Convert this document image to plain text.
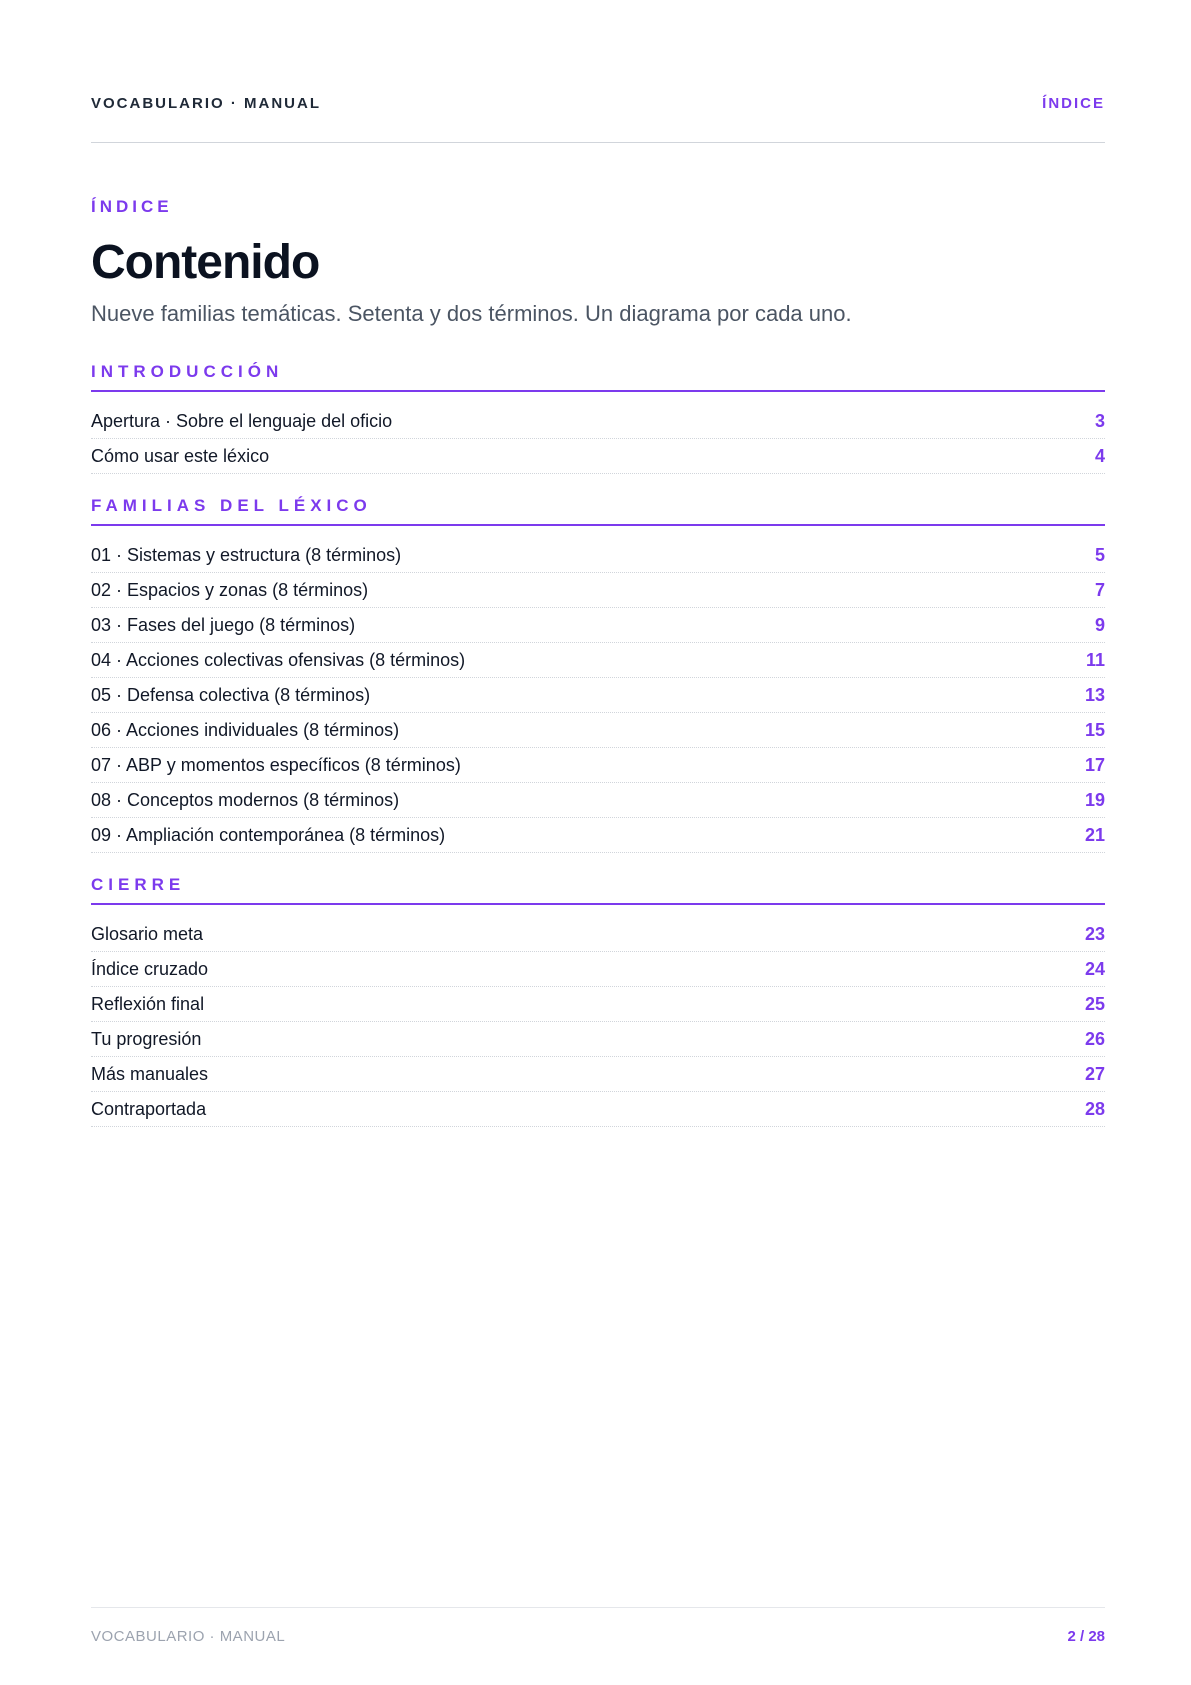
VOCABULARIO · MANUAL	ÍNDICE
ÍNDICE
Contenido
Nueve familias temáticas. Setenta y dos términos. Un diagrama por cada uno.
INTRODUCCIÓN
Apertura · Sobre el lenguaje del oficio	3
Cómo usar este léxico	4
FAMILIAS DEL LÉXICO
01 · Sistemas y estructura (8 términos)	5
02 · Espacios y zonas (8 términos)	7
03 · Fases del juego (8 términos)	9
04 · Acciones colectivas ofensivas (8 términos)	11
05 · Defensa colectiva (8 términos)	13
06 · Acciones individuales (8 términos)	15
07 · ABP y momentos específicos (8 términos)	17
08 · Conceptos modernos (8 términos)	19
09 · Ampliación contemporánea (8 términos)	21
CIERRE
Glosario meta	23
Índice cruzado	24
Reflexión final	25
Tu progresión	26
Más manuales	27
Contraportada	28
VOCABULARIO · MANUAL	2 / 28
